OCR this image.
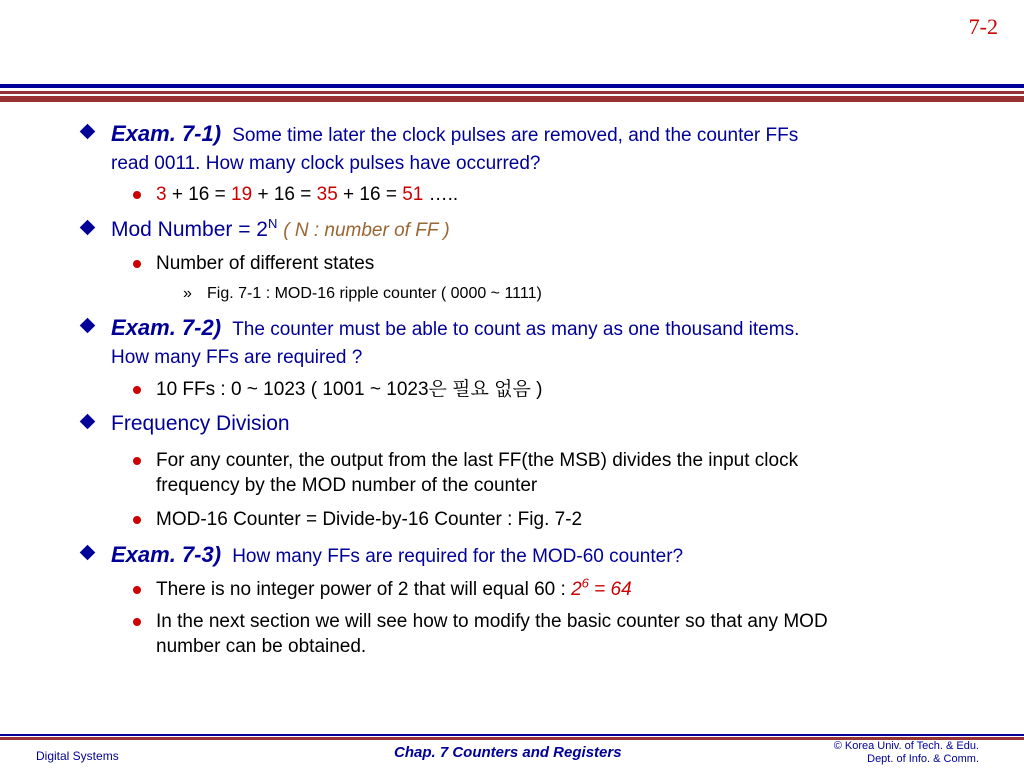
7-2
Exam. 7-1) Some time later the clock pulses are removed, and the counter FFs
read 0011. How many clock pulses have occurred?
3 + 16 = 19 + 16 = 35 + 16 = 51 …..
Mod Number = $2^N$ ( N : number of FF )
Number of different states
» Fig. 7-1 : MOD-16 ripple counter ( 0000 ~ 1111)
Exam. 7-2) The counter must be able to count as many as one thousand items.
How many FFs are required ?
10 FFs : 0 ~ 1023 ( 1001 ~ 1023은 필요 없음 )
Frequency Division
For any counter, the output from the last FF(the MSB) divides the input clock
frequency by the MOD number of the counter
MOD-16 Counter = Divide-by-16 Counter : Fig. 7-2
Exam. 7-3) How many FFs are required for the MOD-60 counter?
There is no integer power of 2 that will equal 60 : $2^6 = 64$
In the next section we will see how to modify the basic counter so that any MOD
number can be obtained.
Digital Systems	Chap. 7 Counters and Registers	© Korea Univ. of Tech. & Edu.
Dept. of Info. & Comm.
